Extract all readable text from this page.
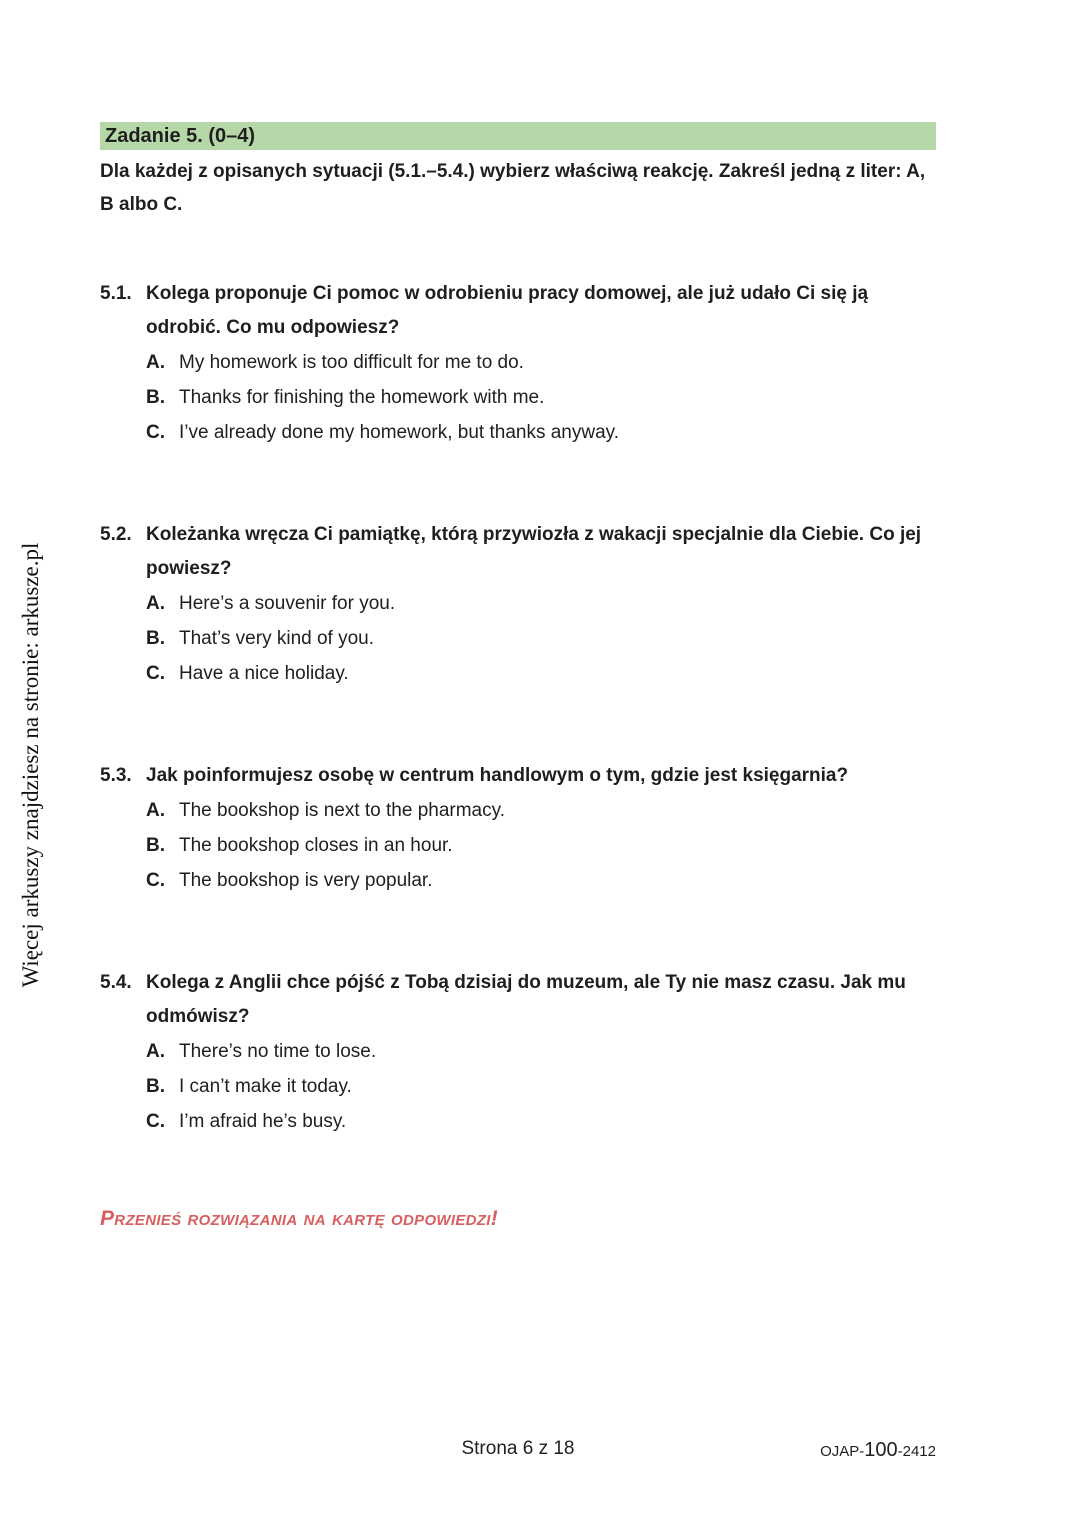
Więcej arkuszy znajdziesz na stronie: arkusze.pl
Zadanie 5. (0–4)
Dla każdej z opisanych sytuacji (5.1.–5.4.) wybierz właściwą reakcję. Zakreśl jedną z liter: A, B albo C.
5.1. Kolega proponuje Ci pomoc w odrobieniu pracy domowej, ale już udało Ci się ją odrobić. Co mu odpowiesz?
A. My homework is too difficult for me to do.
B. Thanks for finishing the homework with me.
C. I’ve already done my homework, but thanks anyway.
5.2. Koleżanka wręcza Ci pamiątkę, którą przywiozła z wakacji specjalnie dla Ciebie. Co jej powiesz?
A. Here’s a souvenir for you.
B. That’s very kind of you.
C. Have a nice holiday.
5.3. Jak poinformujesz osobę w centrum handlowym o tym, gdzie jest księgarnia?
A. The bookshop is next to the pharmacy.
B. The bookshop closes in an hour.
C. The bookshop is very popular.
5.4. Kolega z Anglii chce pójść z Tobą dzisiaj do muzeum, ale Ty nie masz czasu. Jak mu odmówisz?
A. There’s no time to lose.
B. I can’t make it today.
C. I’m afraid he’s busy.
Przenieś rozwiązania na kartę odpowiedzi!
Strona 6 z 18	OJAP-100-2412
